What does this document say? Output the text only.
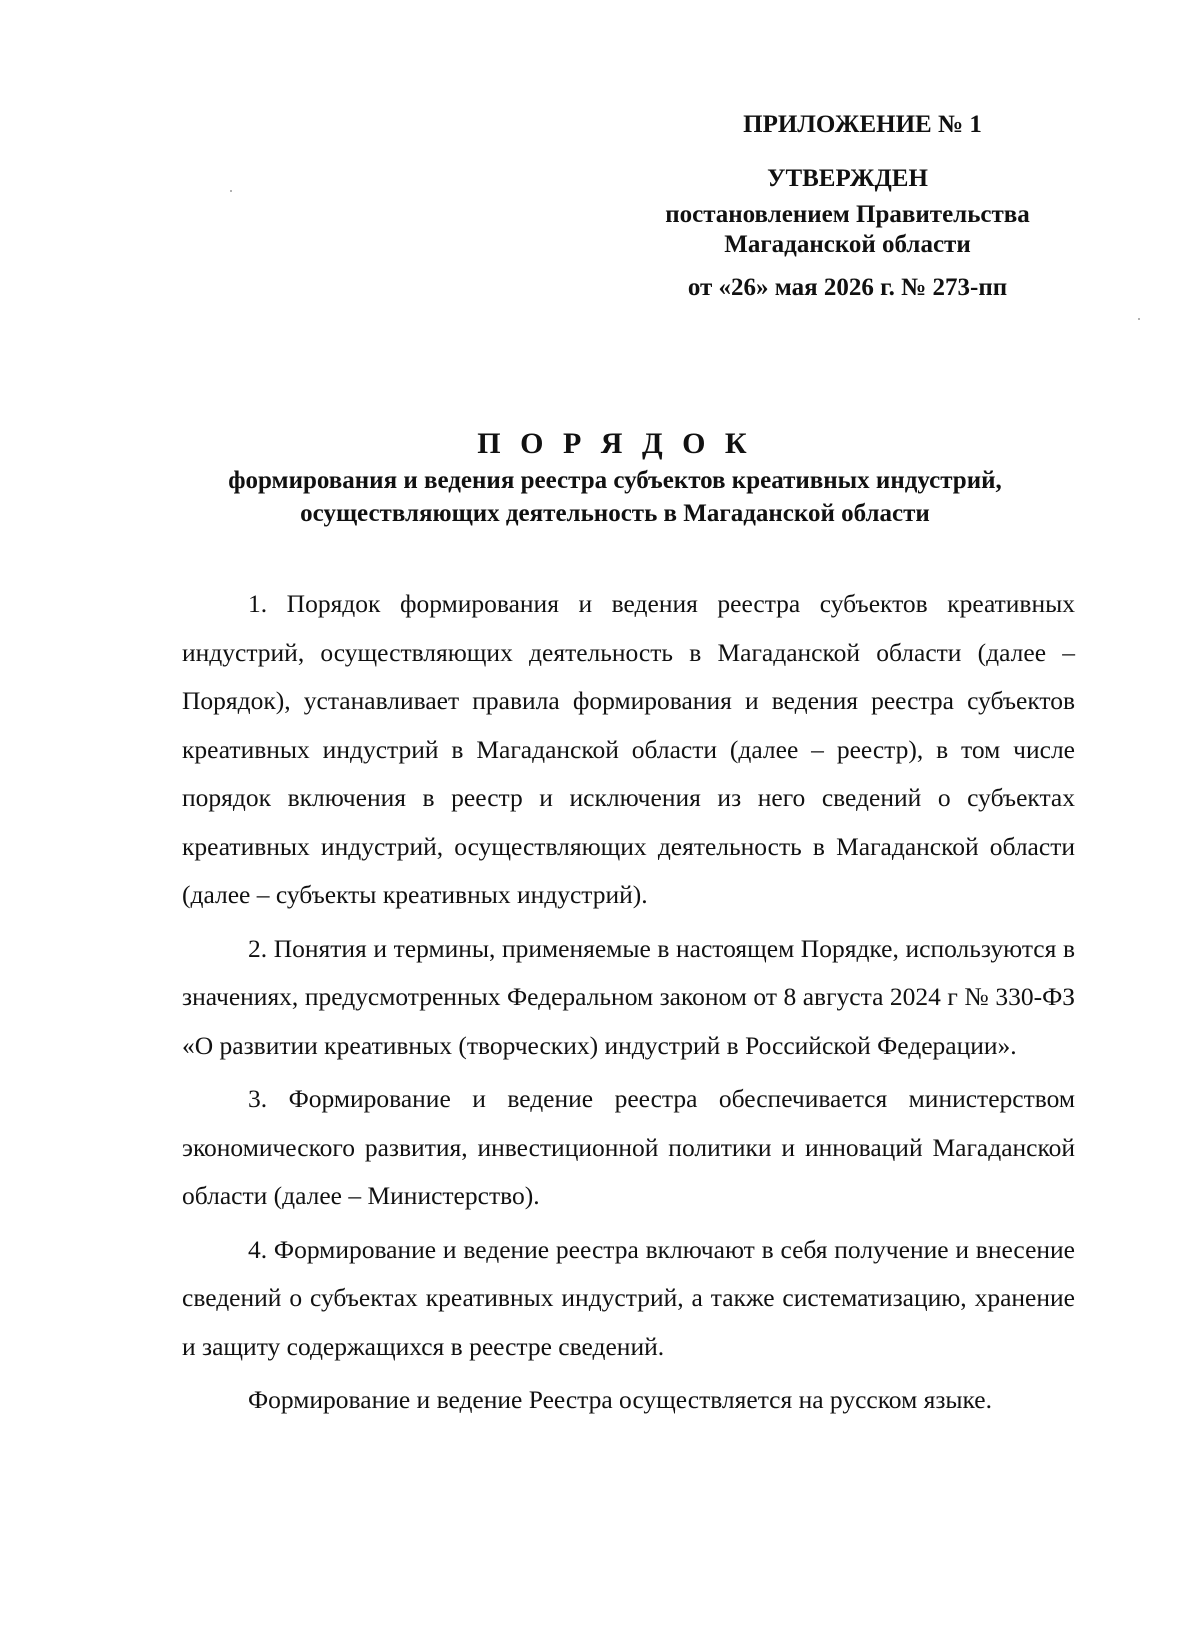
ПРИЛОЖЕНИЕ № 1
УТВЕРЖДЕН
постановлением Правительства Магаданской области
от «26» мая 2026 г. № 273-пп
П О Р Я Д О К
формирования и ведения реестра субъектов креативных индустрий,
осуществляющих деятельность в Магаданской области

1. Порядок формирования и ведения реестра субъектов креативных индустрий, осуществляющих деятельность в Магаданской области (далее – Порядок), устанавливает правила формирования и ведения реестра субъектов креативных индустрий в Магаданской области (далее – реестр), в том числе порядок включения в реестр и исключения из него сведений о субъектах креативных индустрий, осуществляющих деятельность в Магаданской области (далее – субъекты креативных индустрий).

2. Понятия и термины, применяемые в настоящем Порядке, используются в значениях, предусмотренных Федеральном законом от 8 августа 2024 г № 330-ФЗ «О развитии креативных (творческих) индустрий в Российской Федерации».

3. Формирование и ведение реестра обеспечивается министерством экономического развития, инвестиционной политики и инноваций Магаданской области (далее – Министерство).

4. Формирование и ведение реестра включают в себя получение и внесение сведений о субъектах креативных индустрий, а также систематизацию, хранение и защиту содержащихся в реестре сведений.

Формирование и ведение Реестра осуществляется на русском языке.
